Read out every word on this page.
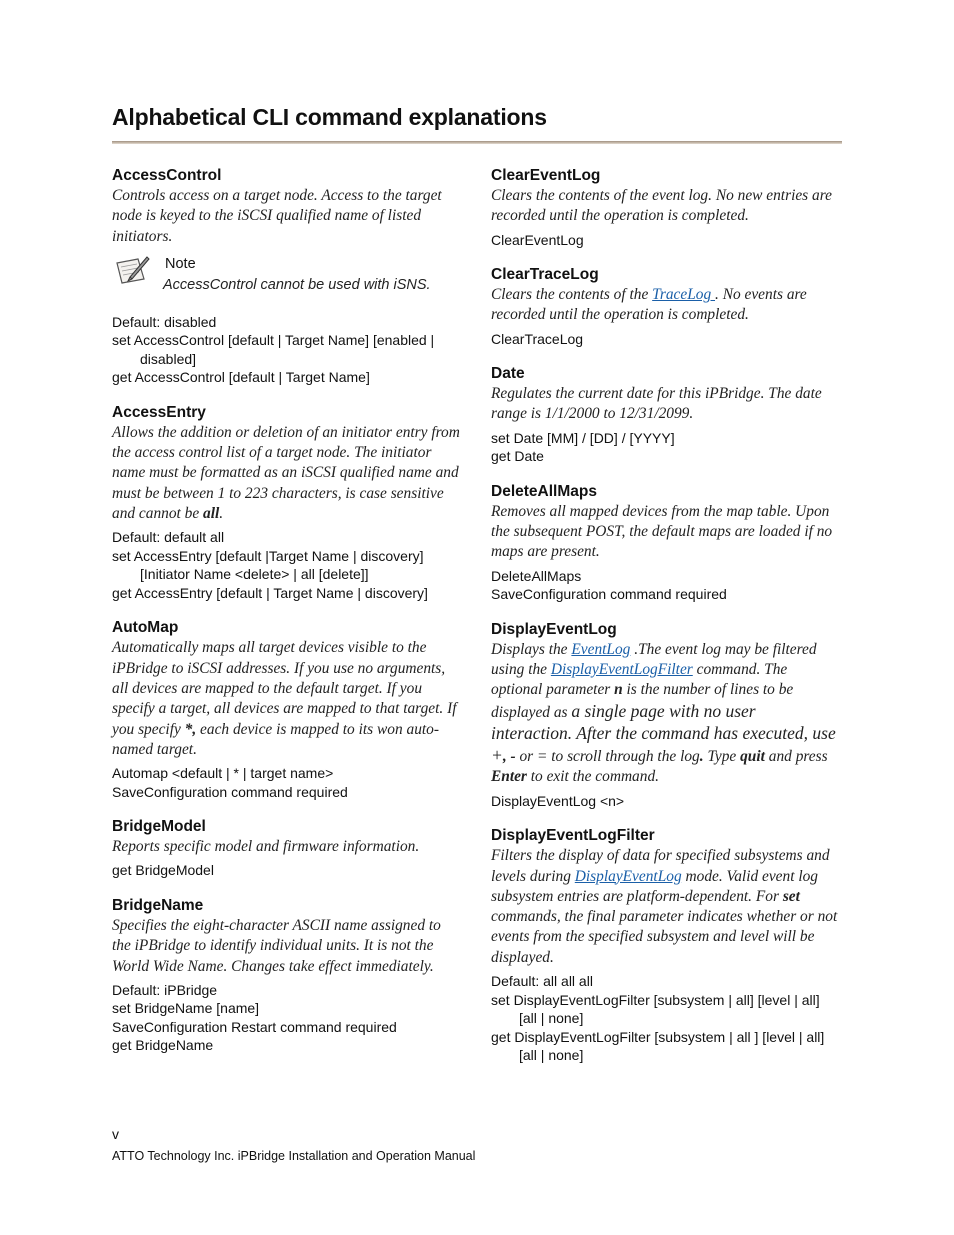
Alphabetical CLI command explanations

AccessControl

Controls access on a target node. Access to the target node is keyed to the iSCSI qualified name of listed initiators.

Note
AccessControl cannot be used with iSNS.

Default: disabled

set AccessControl [default | Target Name] [enabled | disabled]

get AccessControl [default | Target Name]

AccessEntry

Allows the addition or deletion of an initiator entry from the access control list of a target node. The initiator name must be formatted as an iSCSI qualified name and must be between 1 to 223 characters, is case sensitive and cannot be all.

Default: default all

set AccessEntry [default |Target Name | discovery] [Initiator Name <delete> | all [delete]]

get AccessEntry [default | Target Name | discovery]

AutoMap

Automatically maps all target devices visible to the iPBridge to iSCSI addresses. If you use no arguments, all devices are mapped to the default target. If you specify a target, all devices are mapped to that target. If you specify *, each device is mapped to its won auto-named target.

Automap <default | * | target name>

SaveConfiguration command required

BridgeModel

Reports specific model and firmware information.

get BridgeModel

BridgeName

Specifies the eight-character ASCII name assigned to the iPBridge to identify individual units. It is not the World Wide Name. Changes take effect immediately.

Default: iPBridge

set BridgeName [name]

SaveConfiguration Restart command required

get BridgeName

ClearEventLog

Clears the contents of the event log. No new entries are recorded until the operation is completed.

ClearEventLog

ClearTraceLog

Clears the contents of the TraceLog . No events are recorded until the operation is completed.

ClearTraceLog

Date

Regulates the current date for this iPBridge. The date range is 1/1/2000 to 12/31/2099.

set Date [MM] / [DD] / [YYYY]

get Date

DeleteAllMaps

Removes all mapped devices from the map table. Upon the subsequent POST, the default maps are loaded if no maps are present.

DeleteAllMaps

SaveConfiguration command required

DisplayEventLog

Displays the EventLog .The event log may be filtered using the DisplayEventLogFilter command. The optional parameter n is the number of lines to be displayed as a single page with no user interaction. After the command has executed, use +, - or = to scroll through the log. Type quit and press Enter to exit the command.

DisplayEventLog <n>

DisplayEventLogFilter

Filters the display of data for specified subsystems and levels during DisplayEventLog mode. Valid event log subsystem entries are platform-dependent. For set commands, the final parameter indicates whether or not events from the specified subsystem and level will be displayed.

Default: all all all

set DisplayEventLogFilter [subsystem | all] [level | all] [all | none]

get DisplayEventLogFilter [subsystem | all ] [level | all] [all | none]

v
ATTO Technology Inc. iPBridge Installation and Operation Manual
